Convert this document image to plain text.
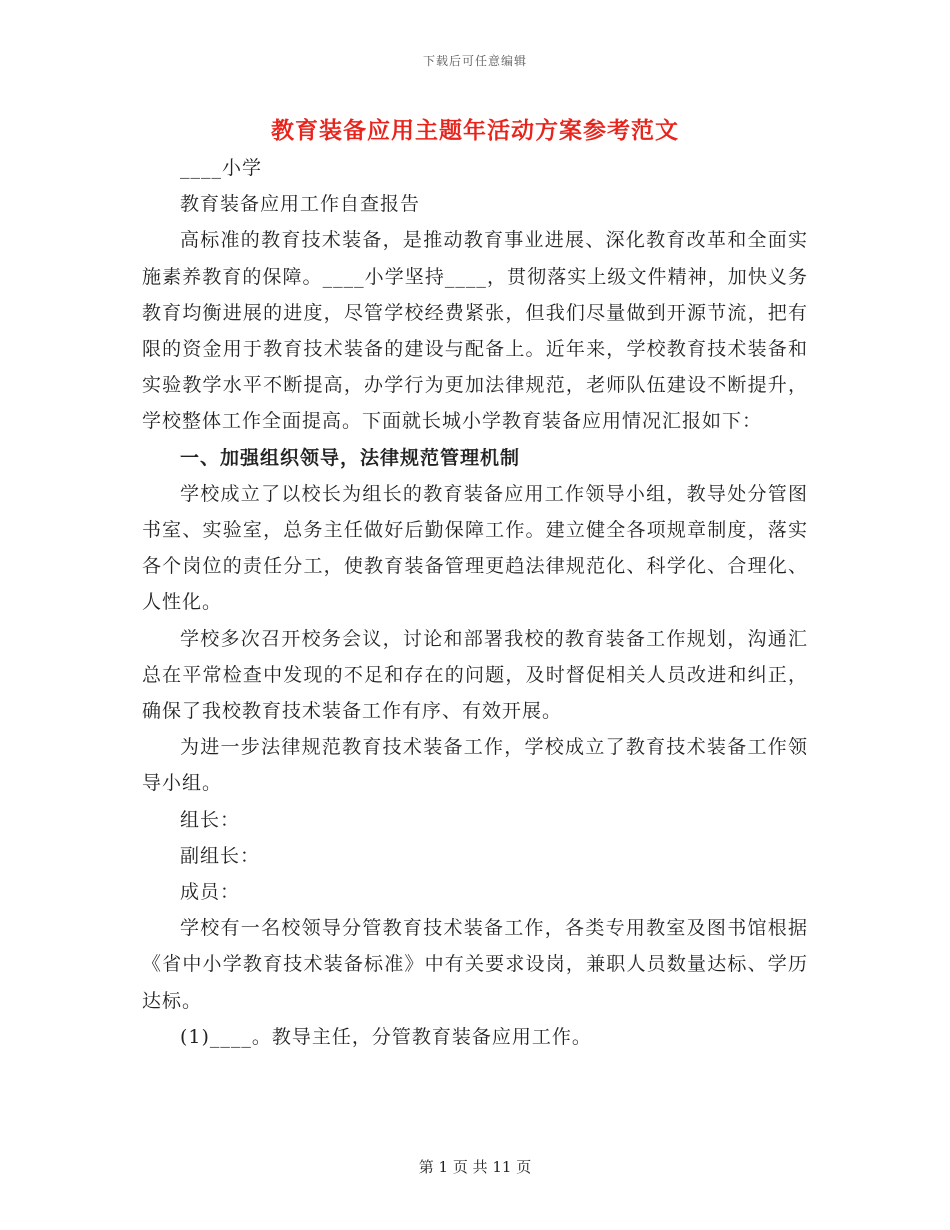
下载后可任意编辑
教育装备应用主题年活动方案参考范文

____小学

教育装备应用工作自查报告

高标准的教育技术装备，是推动教育事业进展、深化教育改革和全面实施素养教育的保障。____小学坚持____，贯彻落实上级文件精神，加快义务教育均衡进展的进度，尽管学校经费紧张，但我们尽量做到开源节流，把有限的资金用于教育技术装备的建设与配备上。近年来，学校教育技术装备和实验教学水平不断提高，办学行为更加法律规范，老师队伍建设不断提升，学校整体工作全面提高。下面就长城小学教育装备应用情况汇报如下：

一、加强组织领导，法律规范管理机制

学校成立了以校长为组长的教育装备应用工作领导小组，教导处分管图书室、实验室，总务主任做好后勤保障工作。建立健全各项规章制度，落实各个岗位的责任分工，使教育装备管理更趋法律规范化、科学化、合理化、人性化。

学校多次召开校务会议，讨论和部署我校的教育装备工作规划，沟通汇总在平常检查中发现的不足和存在的问题，及时督促相关人员改进和纠正，确保了我校教育技术装备工作有序、有效开展。

为进一步法律规范教育技术装备工作，学校成立了教育技术装备工作领导小组。

组长：

副组长：

成员：

学校有一名校领导分管教育技术装备工作，各类专用教室及图书馆根据《省中小学教育技术装备标准》中有关要求设岗，兼职人员数量达标、学历达标。

(1)____。教导主任，分管教育装备应用工作。

第 1 页 共 11 页
